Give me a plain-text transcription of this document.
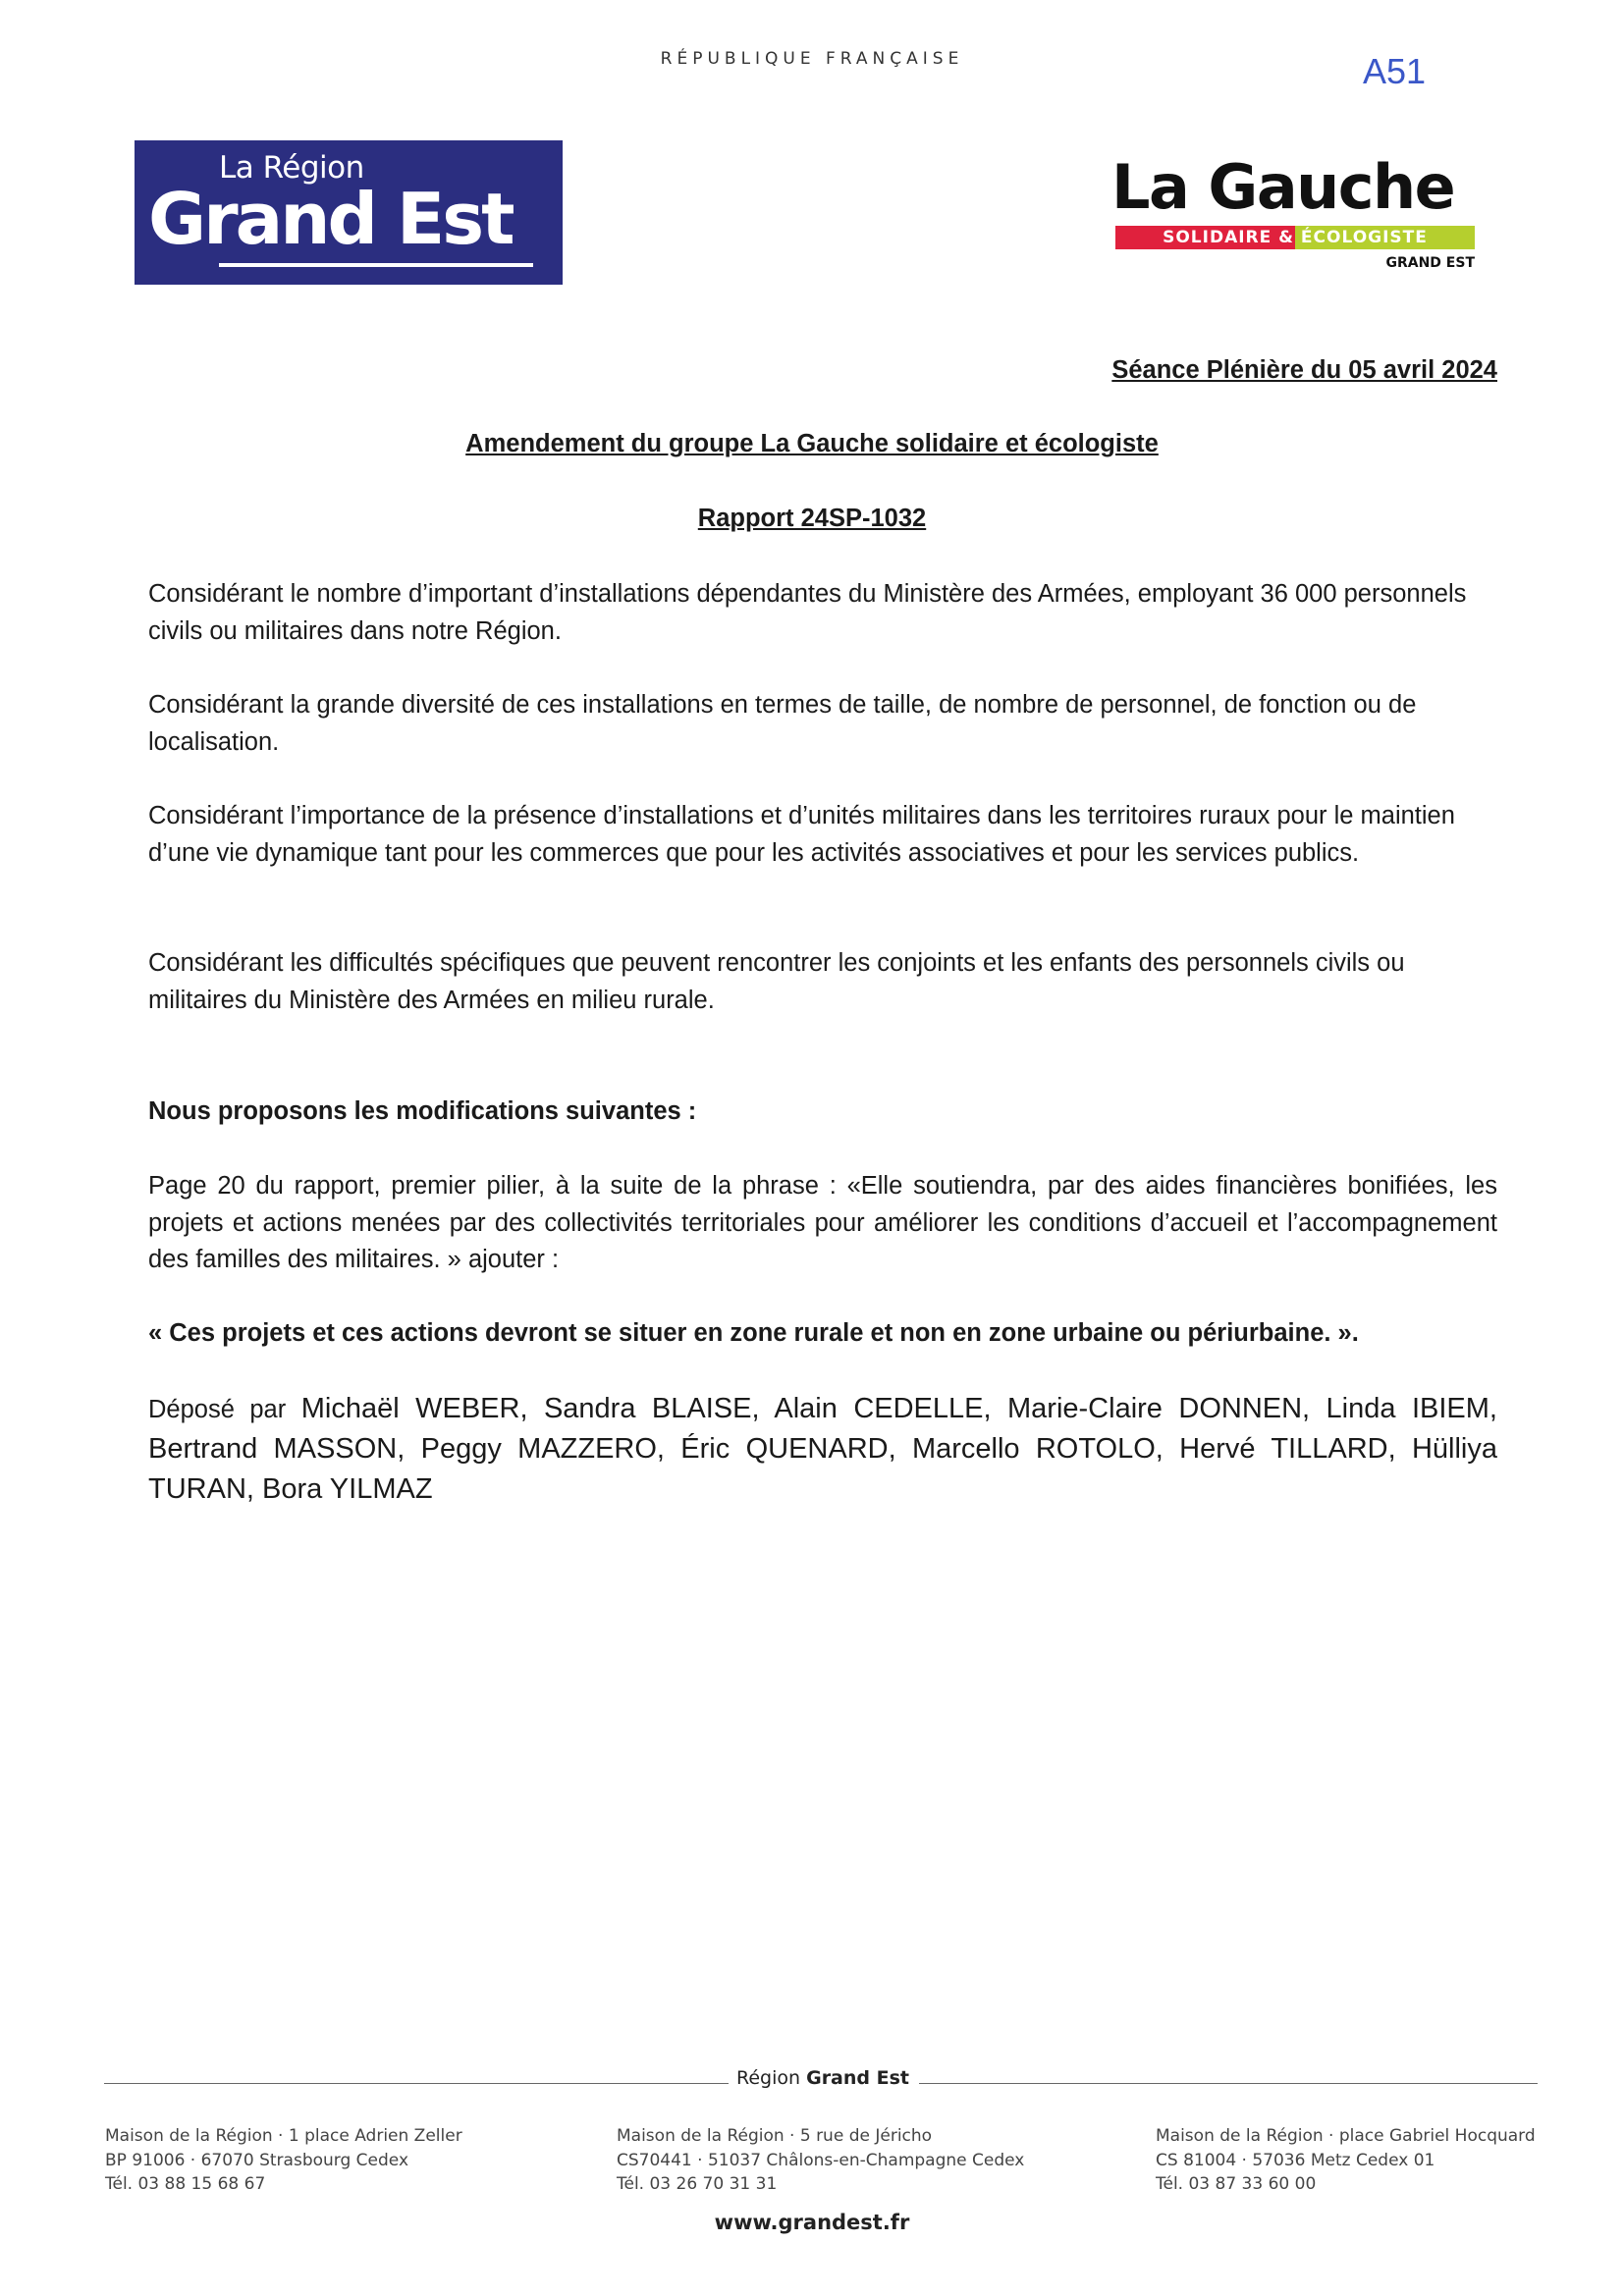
RÉPUBLIQUE FRANÇAISE	A51
La Région
Grand Est	La Gauche
SOLIDAIRE & ÉCOLOGISTE
GRAND EST
Séance Plénière du 05 avril 2024
Amendement du groupe La Gauche solidaire et écologiste
Rapport 24SP-1032
Considérant le nombre d’important d’installations dépendantes du Ministère des Armées, employant 36 000 personnels civils ou militaires dans notre Région.
Considérant la grande diversité de ces installations en termes de taille, de nombre de personnel, de fonction ou de localisation.
Considérant l’importance de la présence d’installations et d’unités militaires dans les territoires ruraux pour le maintien d’une vie dynamique tant pour les commerces que pour les activités associatives et pour les services publics.
Considérant les difficultés spécifiques que peuvent rencontrer les conjoints et les enfants des personnels civils ou militaires du Ministère des Armées en milieu rurale.
Nous proposons les modifications suivantes :
Page 20 du rapport, premier pilier, à la suite de la phrase : «Elle soutiendra, par des aides financières bonifiées, les projets et actions menées par des collectivités territoriales pour améliorer les conditions d’accueil et l’accompagnement des familles des militaires. » ajouter :
« Ces projets et ces actions devront se situer en zone rurale et non en zone urbaine ou périurbaine. ».
Déposé par Michaël WEBER, Sandra BLAISE, Alain CEDELLE, Marie-Claire DONNEN, Linda IBIEM, Bertrand MASSON, Peggy MAZZERO, Éric QUENARD, Marcello ROTOLO, Hervé TILLARD, Hülliya TURAN, Bora YILMAZ
Région Grand Est
Maison de la Région · 1 place Adrien Zeller
BP 91006 · 67070 Strasbourg Cedex
Tél. 03 88 15 68 67
Maison de la Région · 5 rue de Jéricho
CS70441 · 51037 Châlons-en-Champagne Cedex
Tél. 03 26 70 31 31
Maison de la Région · place Gabriel Hocquard
CS 81004 · 57036 Metz Cedex 01
Tél. 03 87 33 60 00
www.grandest.fr
